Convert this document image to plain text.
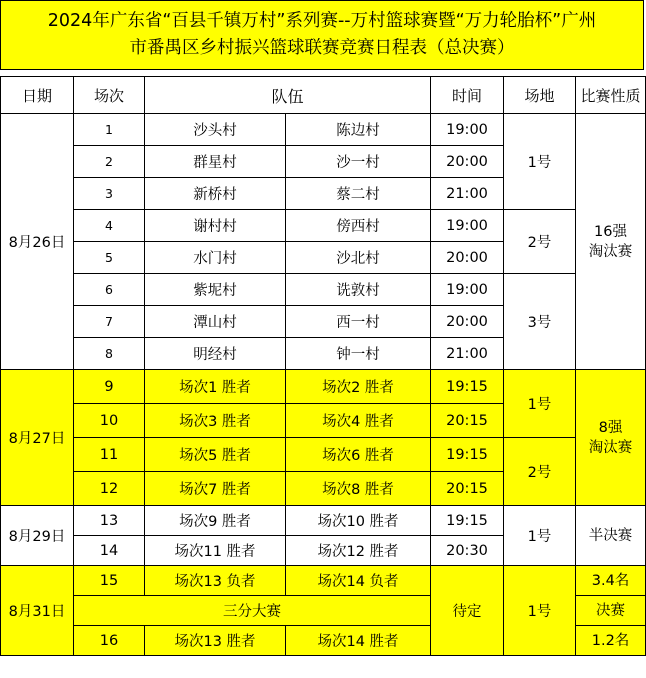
2024年广东省“百县千镇万村”系列赛--万村篮球赛暨“万力轮胎杯”广州
市番禺区乡村振兴篮球联赛竞赛日程表（总决赛）
日期	场次	队伍		时间	场地	比赛性质
8月26日	1	沙头村	陈边村	19:00	1号	16强
淘汰赛
	2	群星村	沙一村	20:00		
	3	新桥村	蔡二村	21:00		
	4	谢村村	傍西村	19:00	2号	
	5	水门村	沙北村	20:00		
	6	紫坭村	诜敦村	19:00	3号	
	7	潭山村	西一村	20:00		
	8	明经村	钟一村	21:00		
8月27日	9	场次1 胜者	场次2 胜者	19:15	1号	8强
淘汰赛
	10	场次3 胜者	场次4 胜者	20:15		
	11	场次5 胜者	场次6 胜者	19:15	2号	
	12	场次7 胜者	场次8 胜者	20:15		
8月29日	13	场次9 胜者	场次10 胜者	19:15	1号	半决赛
	14	场次11 胜者	场次12 胜者	20:30		
8月31日	15	场次13 负者	场次14 负者	待定	1号	3.4名
	三分大赛					决赛
	16	场次13 胜者	场次14 胜者			1.2名
